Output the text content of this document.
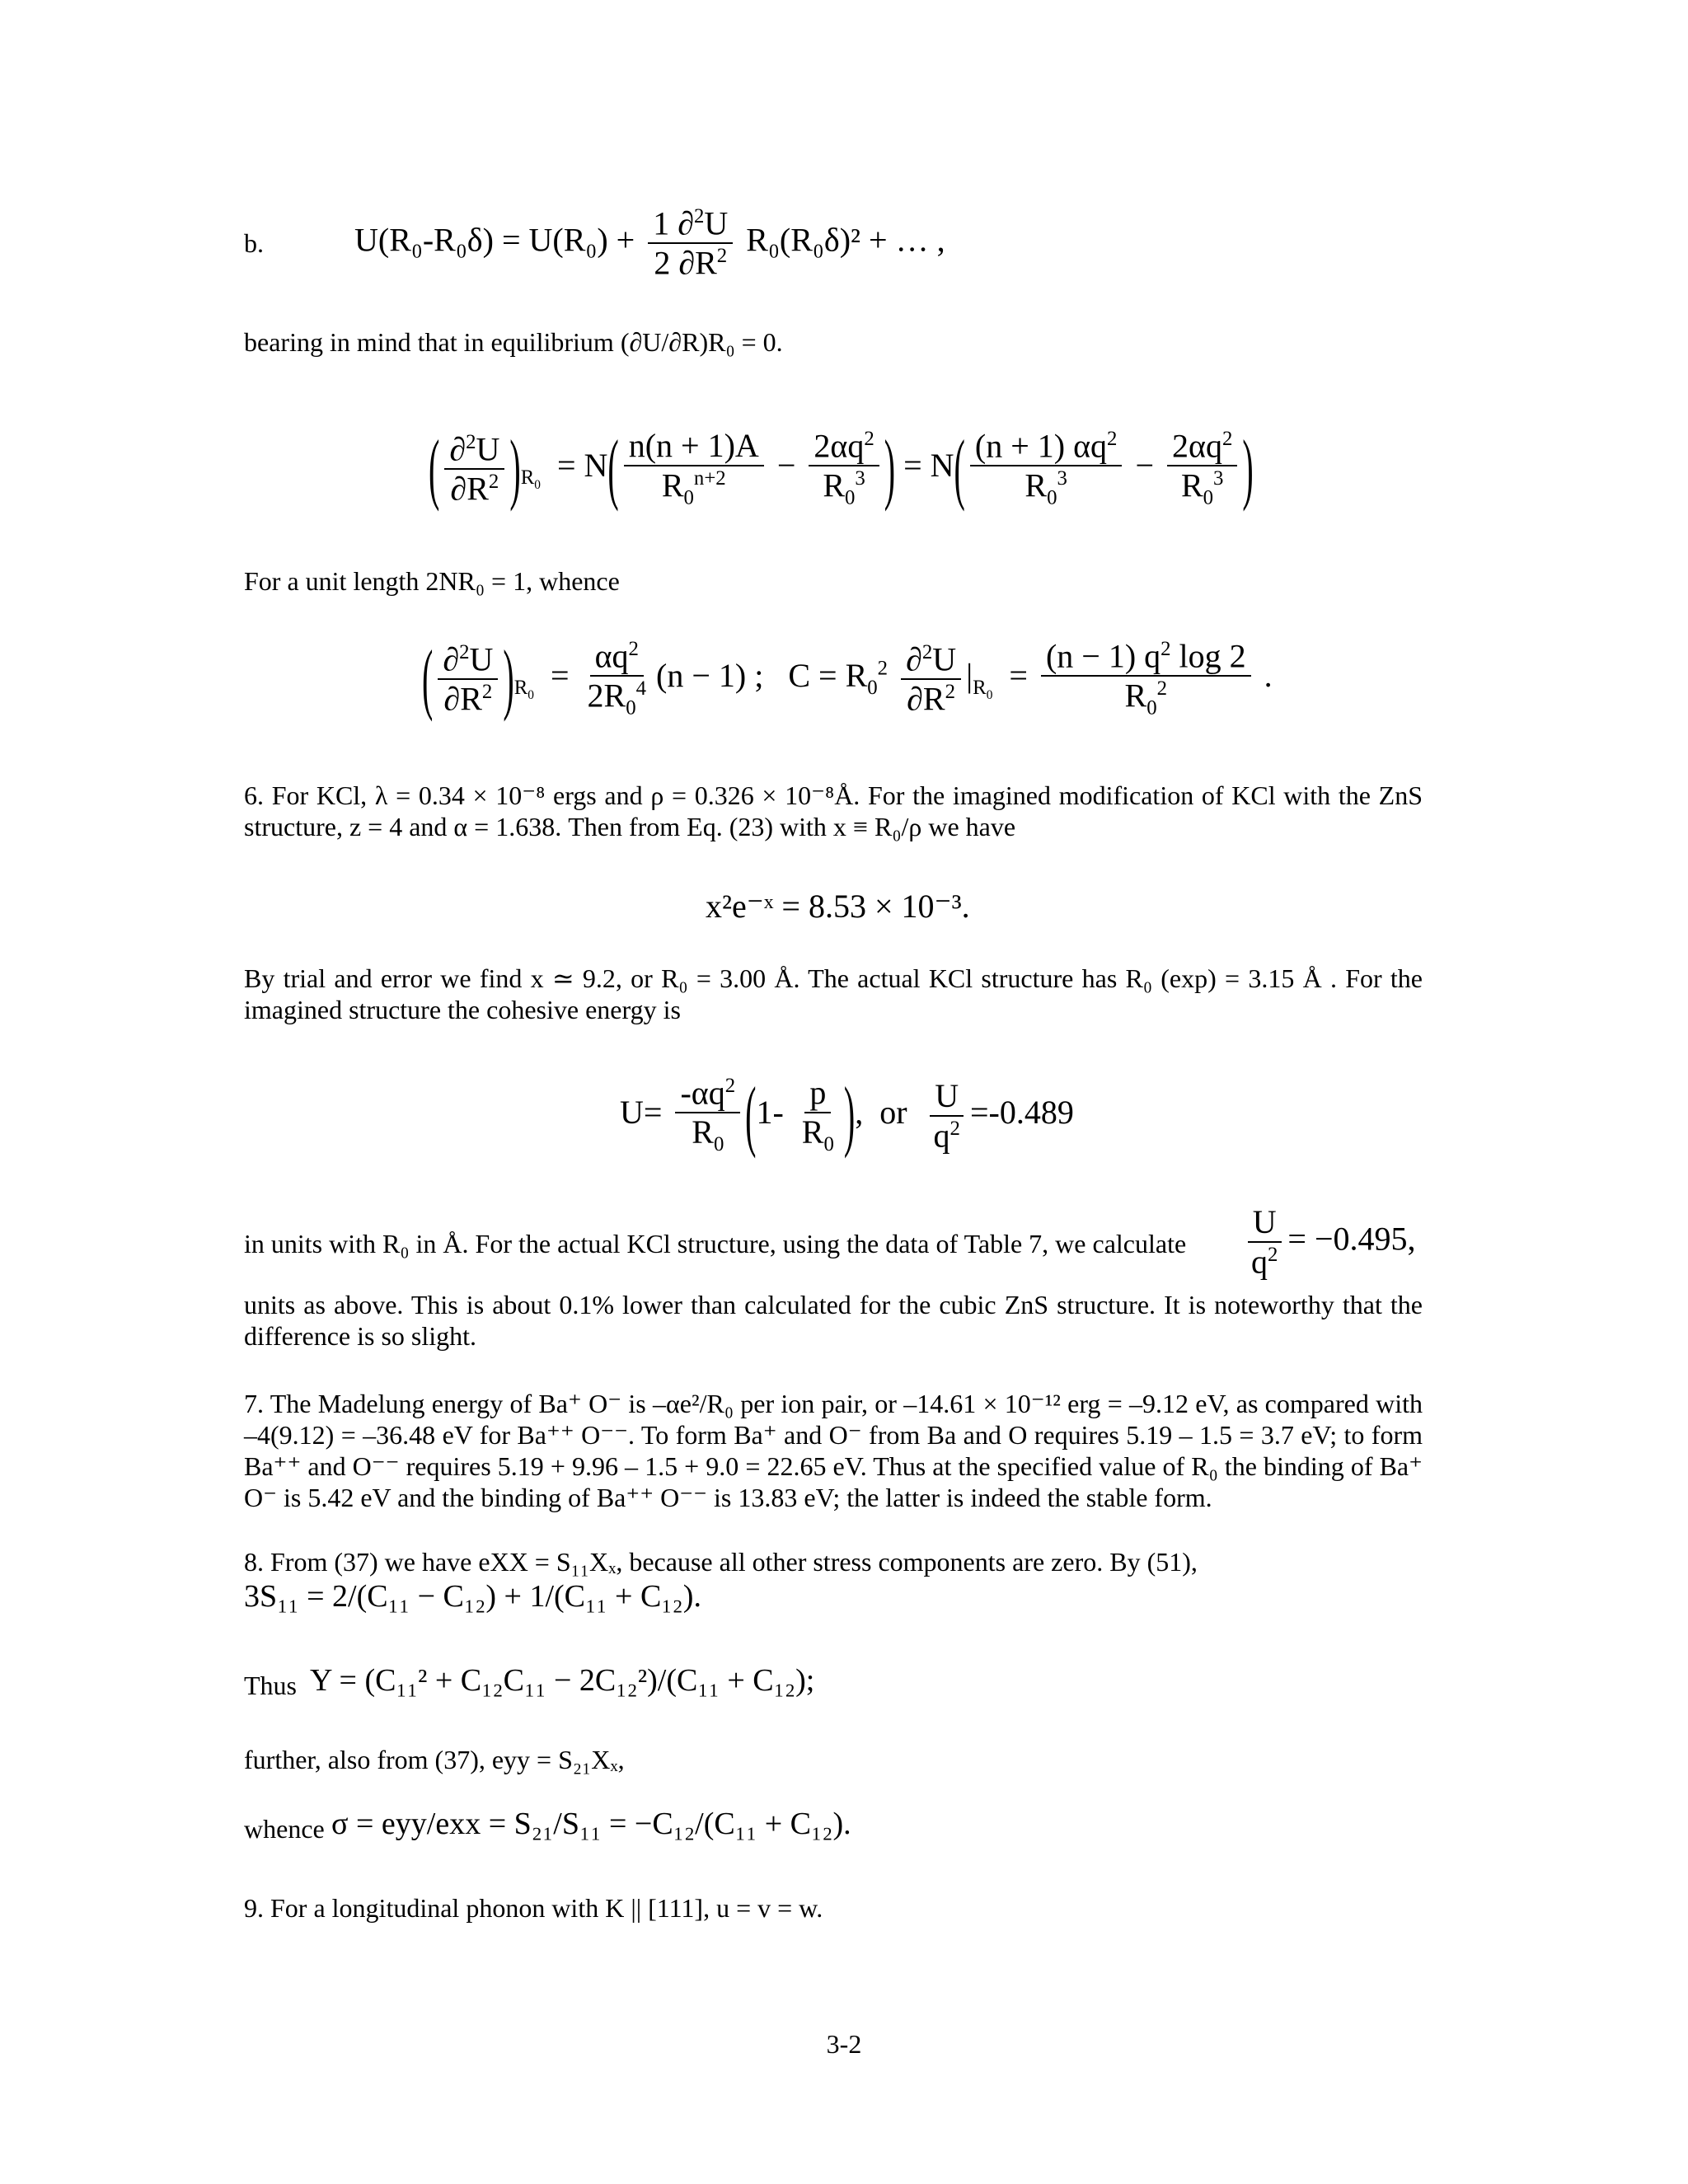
b.	$U(R_0-R_0\delta) = U(R_0) + \frac{1 \partial^2U}{2 \partial R^2} R_0(R_0\delta)^2$ + … ,
bearing in mind that in equilibrium (∂U/∂R)R₀ = 0.
( $\frac{\partial^2U}{\partial R^2} )_{R_0} = N( \frac{n(n + 1)A}{R_0^{n+2}} - \frac{2\alpha q^2}{R_0^3}$ ) = $N( \frac{(n + 1) \alpha q^2}{R_0^3} - \frac{2\alpha q^2}{R_0^3}$ )
For a unit length 2NR₀ = 1, whence
( $\frac{\partial^2U}{\partial R^2} )_{R_0} = \frac{\alpha q^2}{2R_0^4} (n - 1)$ ;   $C = R_0^2 \frac{\partial^2U}{\partial R^2} |_{R_0} = \frac{(n - 1) q^2 \log 2}{R_0^2}$ .
6. For KCl, λ = 0.34 × 10⁻⁸ ergs and ρ = 0.326 × 10⁻⁸Å. For the imagined modification of KCl with the ZnS structure, z = 4 and α = 1.638. Then from Eq. (23) with x ≡ R₀/ρ we have
x²e⁻ˣ = 8.53 × 10⁻³.
By trial and error we find x ≃ 9.2, or R₀ = 3.00 Å. The actual KCl structure has R₀ (exp) = 3.15 Å . For the imagined structure the cohesive energy is
$U= \frac{-\alpha q^2}{R_0} (1- \frac{p}{R_0}$ ),  or $\frac{U}{q^2} =-0.489$
in units with R₀ in Å. For the actual KCl structure, using the data of Table 7, we calculate $\frac{U}{q^2} = -0.495$,
units as above. This is about 0.1% lower than calculated for the cubic ZnS structure. It is noteworthy that the difference is so slight.
7. The Madelung energy of Ba⁺ O⁻ is –αe²/R₀ per ion pair, or –14.61 × 10⁻¹² erg = –9.12 eV, as compared with –4(9.12) = –36.48 eV for Ba⁺⁺ O⁻⁻. To form Ba⁺ and O⁻ from Ba and O requires 5.19 – 1.5 = 3.7 eV; to form Ba⁺⁺ and O⁻⁻ requires 5.19 + 9.96 – 1.5 + 9.0 = 22.65 eV. Thus at the specified value of R₀ the binding of Ba⁺ O⁻ is 5.42 eV and the binding of Ba⁺⁺ O⁻⁻ is 13.83 eV; the latter is indeed the stable form.
8. From (37) we have eXX = S₁₁Xₓ, because all other stress components are zero. By (51),
3S₁₁ = 2/(C₁₁ − C₁₂) + 1/(C₁₁ + C₁₂).
Thus Y = (C₁₁² + C₁₂C₁₁ − 2C₁₂²)/(C₁₁ + C₁₂);
further, also from (37), eyy = S₂₁Xₓ,
whence σ = eyy/exx = S₂₁/S₁₁ = −C₁₂/(C₁₁ + C₁₂).
9. For a longitudinal phonon with K || [111], u = v = w.
3-2
